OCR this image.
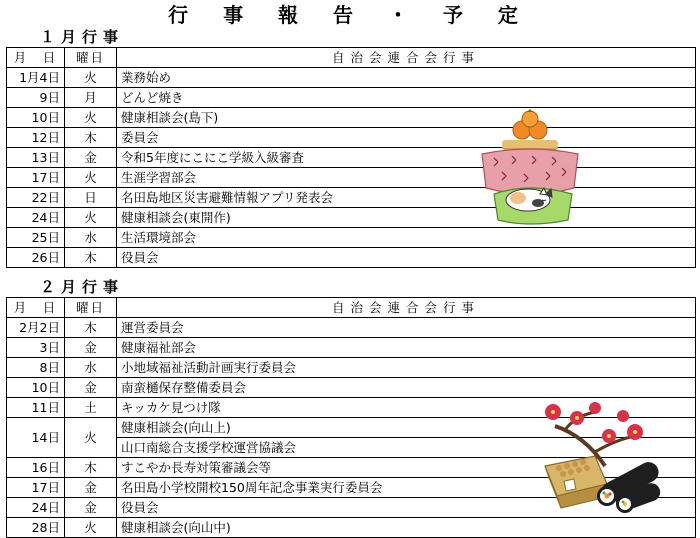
行 事 報 告 ・ 予 定
１月行事
月　日	曜日	自治会連合会行事
1月4日	火	業務始め
9日	月	どんど焼き
10日	火	健康相談会(島下)
12日	木	委員会
13日	金	令和5年度にこにこ学級入級審査
17日	火	生涯学習部会
22日	日	名田島地区災害避難情報アプリ発表会
24日	火	健康相談会(東開作)
25日	水	生活環境部会
26日	木	役員会
２月行事
月　日	曜日	自治会連合会行事
2月2日	木	運営委員会
3日	金	健康福祉部会
8日	水	小地域福祉活動計画実行委員会
10日	金	南蛮樋保存整備委員会
11日	土	キッカケ見つけ隊
14日	火	健康相談会(向山上)
		山口南総合支援学校運営協議会
16日	木	すこやか長寿対策審議会等
17日	金	名田島小学校開校150周年記念事業実行委員会
24日	金	役員会
28日	火	健康相談会(向山中)
